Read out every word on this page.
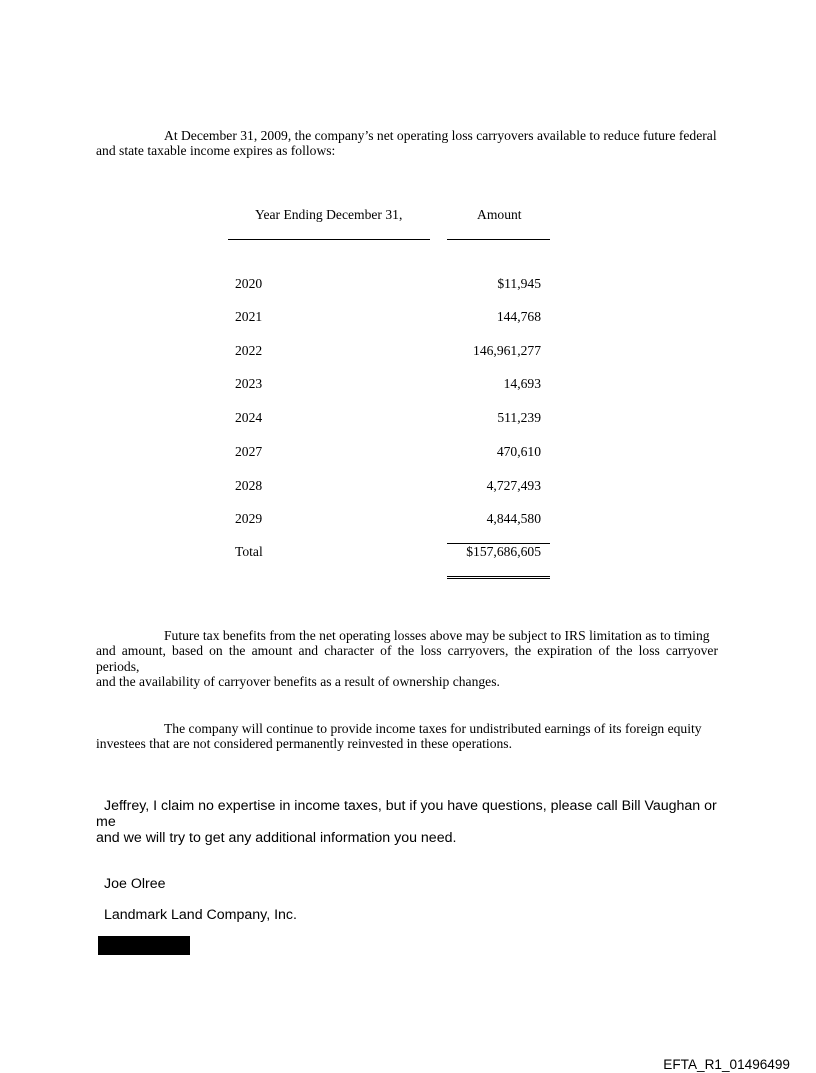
At December 31, 2009, the company’s net operating loss carryovers available to reduce future federal
and state taxable income expires as follows:

Year Ending December 31,	Amount
2020	$11,945
2021	144,768
2022	146,961,277
2023	14,693
2024	511,239
2027	470,610
2028	4,727,493
2029	4,844,580
Total	$157,686,605

Future tax benefits from the net operating losses above may be subject to IRS limitation as to timing
and amount, based on the amount and character of the loss carryovers, the expiration of the loss carryover periods,
and the availability of carryover benefits as a result of ownership changes.

The company will continue to provide income taxes for undistributed earnings of its foreign equity
investees that are not considered permanently reinvested in these operations.

Jeffrey, I claim no expertise in income taxes, but if you have questions, please call Bill Vaughan or me
and we will try to get any additional information you need.

Joe Olree
Landmark Land Company, Inc.
EFTA_R1_01496499
